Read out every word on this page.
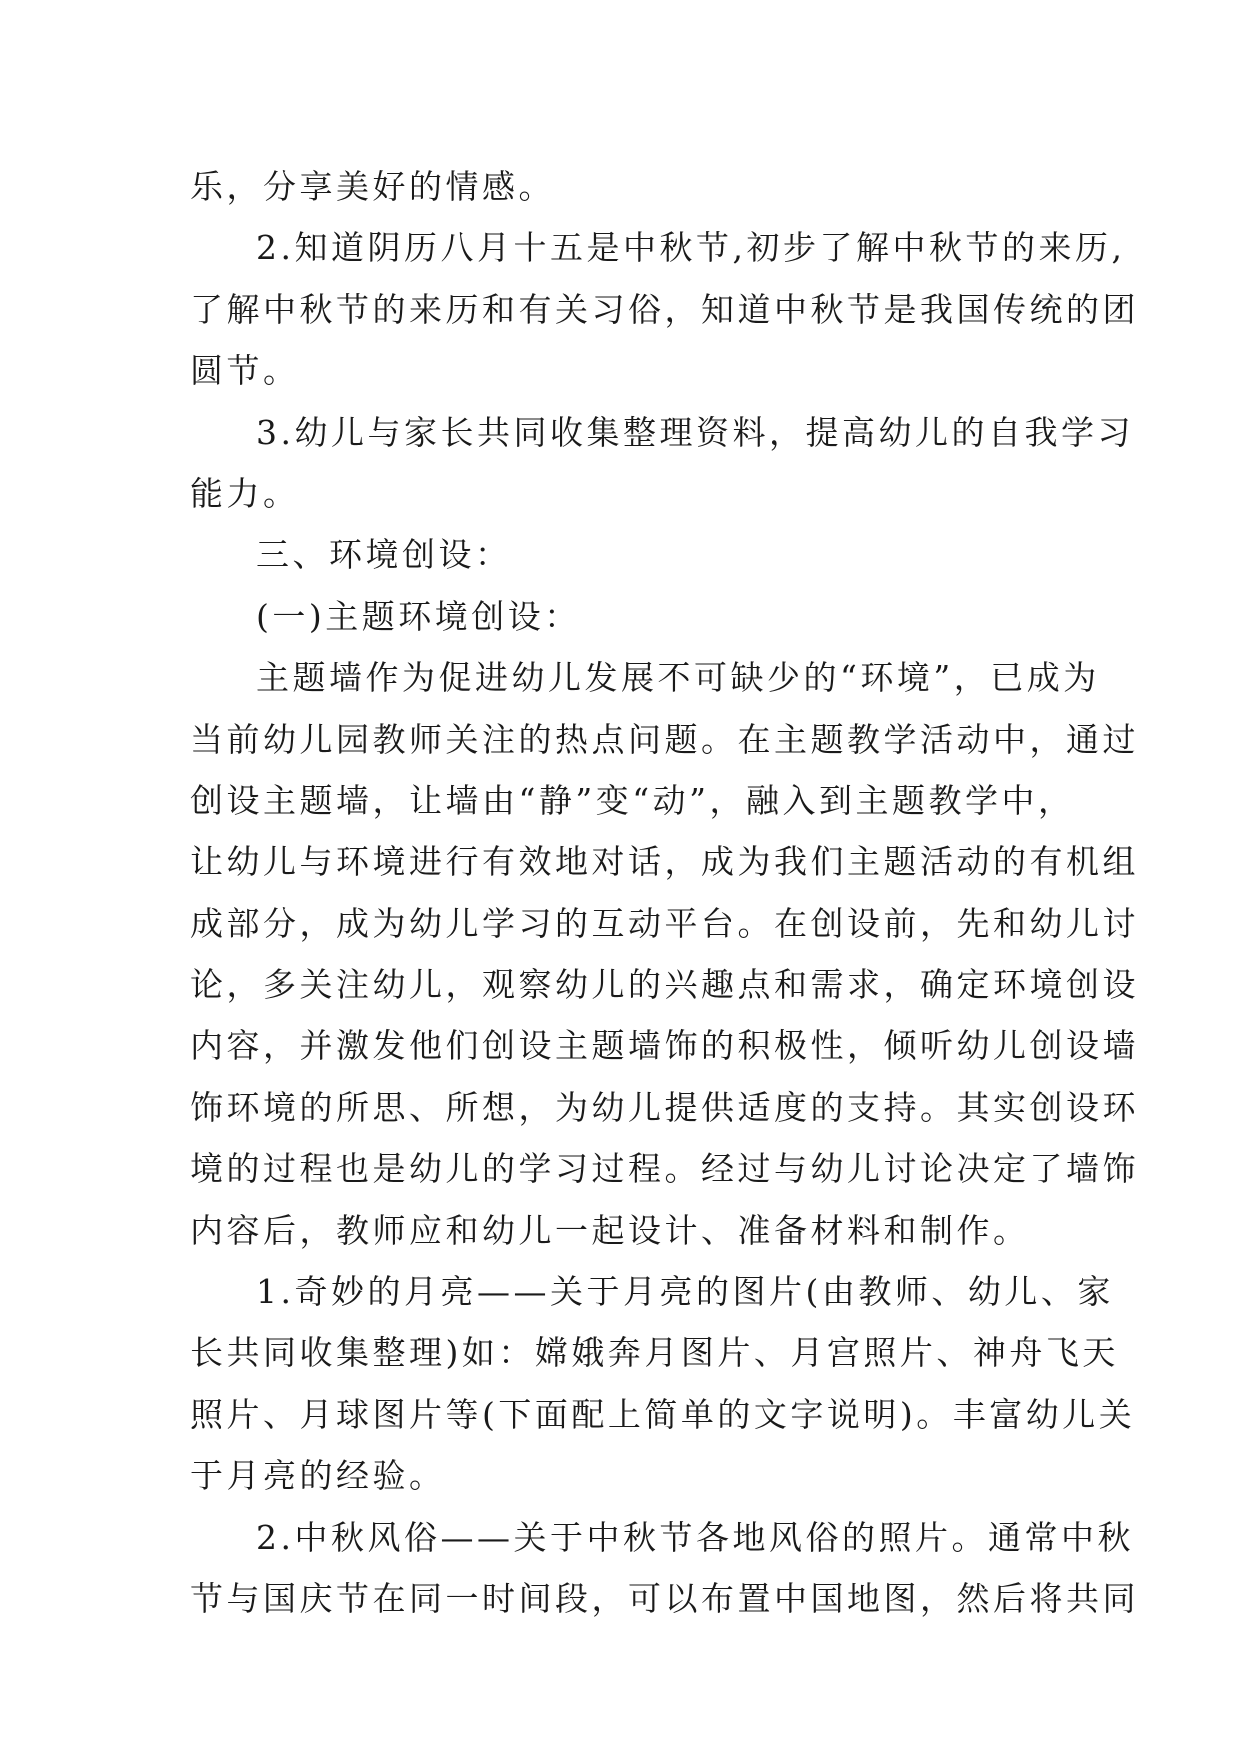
乐，分享美好的情感。
2.知道阴历八月十五是中秋节,初步了解中秋节的来历,
了解中秋节的来历和有关习俗，知道中秋节是我国传统的团
圆节。
3.幼儿与家长共同收集整理资料，提高幼儿的自我学习
能力。
三、环境创设：
(一)主题环境创设：
主题墙作为促进幼儿发展不可缺少的“环境”，已成为
当前幼儿园教师关注的热点问题。在主题教学活动中，通过
创设主题墙，让墙由“静”变“动”，融入到主题教学中，
让幼儿与环境进行有效地对话，成为我们主题活动的有机组
成部分，成为幼儿学习的互动平台。在创设前，先和幼儿讨
论，多关注幼儿，观察幼儿的兴趣点和需求，确定环境创设
内容，并激发他们创设主题墙饰的积极性，倾听幼儿创设墙
饰环境的所思、所想，为幼儿提供适度的支持。其实创设环
境的过程也是幼儿的学习过程。经过与幼儿讨论决定了墙饰
内容后，教师应和幼儿一起设计、准备材料和制作。
1.奇妙的月亮——关于月亮的图片(由教师、幼儿、家
长共同收集整理)如：嫦娥奔月图片、月宫照片、神舟飞天
照片、月球图片等(下面配上简单的文字说明)。丰富幼儿关
于月亮的经验。
2.中秋风俗——关于中秋节各地风俗的照片。通常中秋
节与国庆节在同一时间段，可以布置中国地图，然后将共同
